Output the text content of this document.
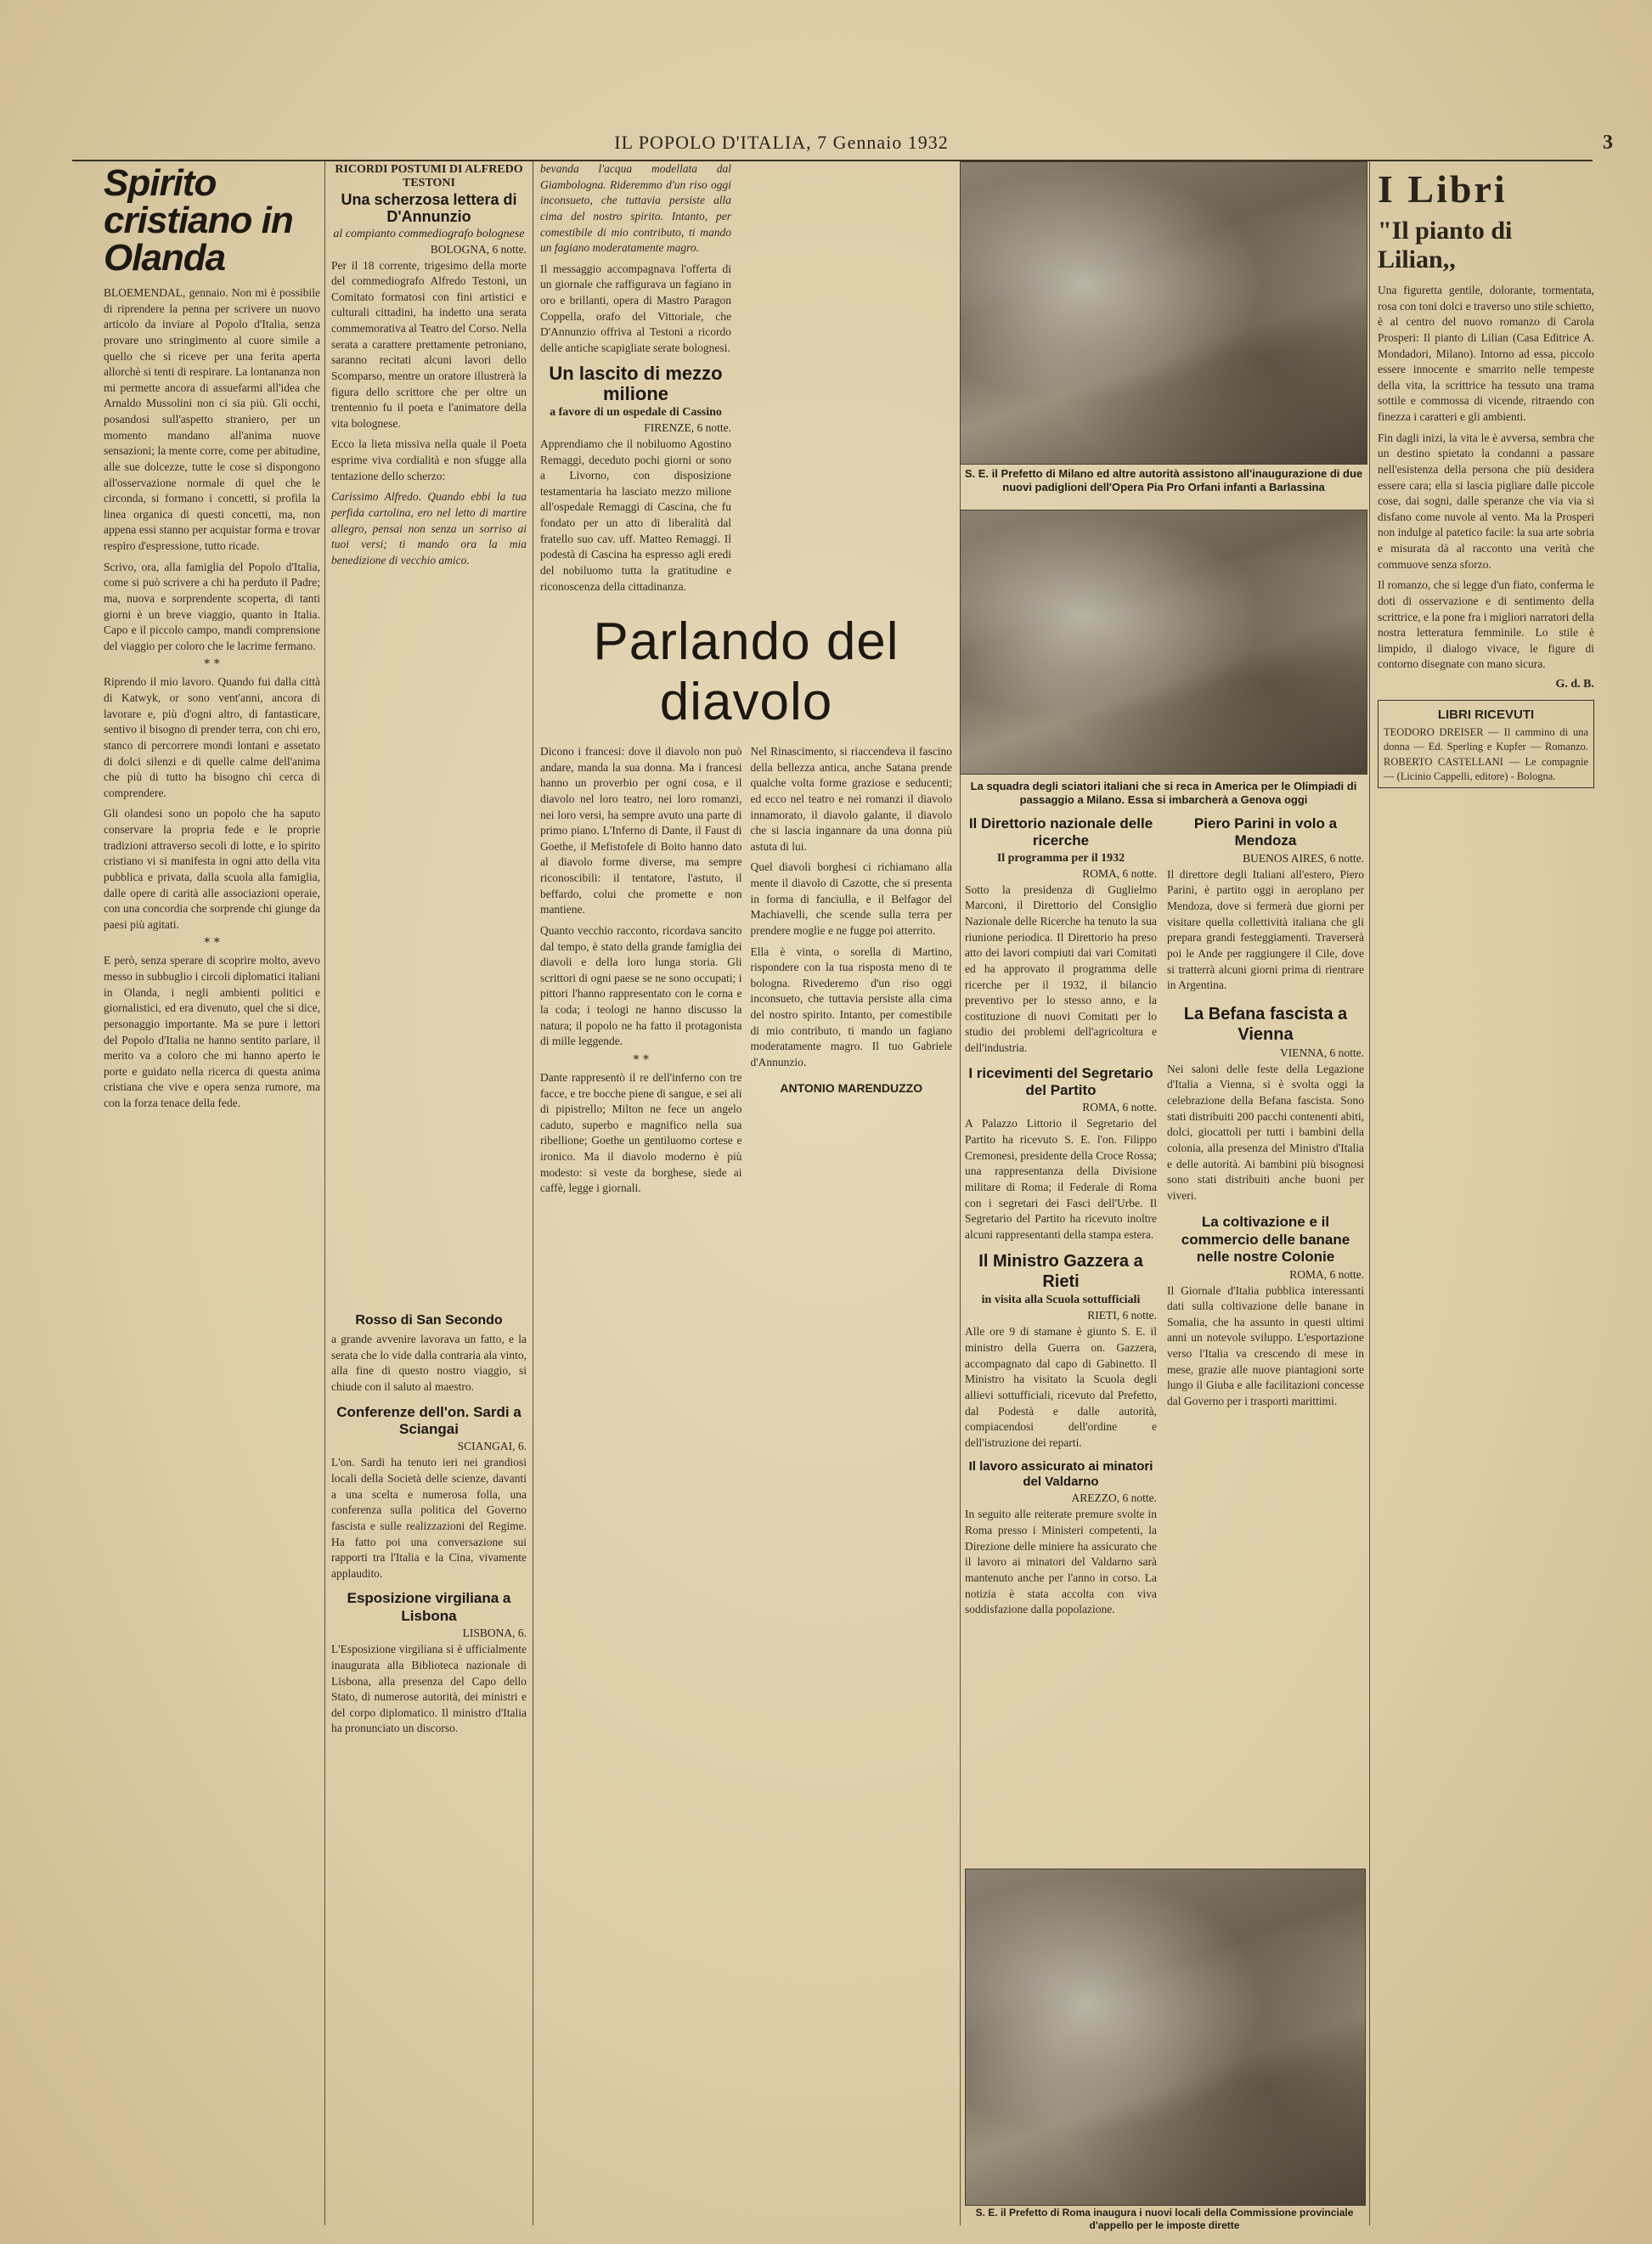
IL POPOLO D'ITALIA, 7 Gennaio 1932	3
Spirito cristiano in Olanda

BLOEMENDAL, gennaio. Non mi è possibile di riprendere la penna per scrivere un nuovo articolo da inviare al Popolo d'Italia, senza provare uno stringimento al cuore simile a quello che si riceve per una ferita aperta allorchè si tenti di respirare. La lontananza non mi permette ancora di assuefarmi all'idea che Arnaldo Mussolini non ci sia più. Gli occhi, posandosi sull'aspetto straniero, per un momento mandano all'anima nuove sensazioni; la mente corre, come per abitudine, alle sue dolcezze, tutte le cose si dispongono all'osservazione normale di quel che le circonda, si formano i concetti, si profila la linea organica di questi concetti, ma, non appena essi stanno per acquistar forma e trovar respiro d'espressione, tutto ricade.

Scrivo, ora, alla famiglia del Popolo d'Italia, come si può scrivere a chi ha perduto il Padre; ma, nuova e sorprendente scoperta, di tanti giorni è un breve viaggio, quanto in Italia. Capo e il piccolo campo, mandi comprensione del viaggio per coloro che le lacrime fermano.

* *

Riprendo il mio lavoro. Quando fui dalla città di Katwyk, or sono vent'anni, ancora di lavorare e, più d'ogni altro, di fantasticare, sentivo il bisogno di prender terra, con chi ero, stanco di percorrere mondi lontani e assetato di dolci silenzi e di quelle calme dell'anima che più di tutto ha bisogno chi cerca di comprendere.

Gli olandesi sono un popolo che ha saputo conservare la propria fede e le proprie tradizioni attraverso secoli di lotte, e lo spirito cristiano vi si manifesta in ogni atto della vita pubblica e privata, dalla scuola alla famiglia, dalle opere di carità alle associazioni operaie, con una concordia che sorprende chi giunge da paesi più agitati.

* *

E però, senza sperare di scoprire molto, avevo messo in subbuglio i circoli diplomatici italiani in Olanda, i negli ambienti politici e giornalistici, ed era divenuto, quel che si dice, personaggio importante. Ma se pure i lettori del Popolo d'Italia ne hanno sentito parlare, il merito va a coloro che mi hanno aperto le porte e guidato nella ricerca di questa anima cristiana che vive e opera senza rumore, ma con la forza tenace della fede.

RICORDI POSTUMI DI ALFREDO TESTONI
Una scherzosa lettera di D'Annunzio
al compianto commediografo bolognese
BOLOGNA, 6 notte.

Per il 18 corrente, trigesimo della morte del commediografo Alfredo Testoni, un Comitato formatosi con fini artistici e culturali cittadini, ha indetto una serata commemorativa al Teatro del Corso. Nella serata a carattere prettamente petroniano, saranno recitati alcuni lavori dello Scomparso, mentre un oratore illustrerà la figura dello scrittore che per oltre un trentennio fu il poeta e l'animatore della vita bolognese.

Ecco la lieta missiva nella quale il Poeta esprime viva cordialità e non sfugge alla tentazione dello scherzo:

Carissimo Alfredo. Quando ebbi la tua perfida cartolina, ero nel letto di martire allegro, pensai non senza un sorriso ai tuoi versi; ti mando ora la mia benedizione di vecchio amico.

bevanda l'acqua modellata dal Giambologna. Rideremmo d'un riso oggi inconsueto, che tuttavia persiste alla cima del nostro spirito. Intanto, per comestibile di mio contributo, ti mando un fagiano moderatamente magro.

Il messaggio accompagnava l'offerta di un giornale che raffigurava un fagiano in oro e brillanti, opera di Mastro Paragon Coppella, orafo del Vittoriale, che D'Annunzio offriva al Testoni a ricordo delle antiche scapigliate serate bolognesi.

Un lascito di mezzo milione
a favore di un ospedale di Cassino
FIRENZE, 6 notte.

Apprendiamo che il nobiluomo Agostino Remaggi, deceduto pochi giorni or sono a Livorno, con disposizione testamentaria ha lasciato mezzo milione all'ospedale Remaggi di Cascina, che fu fondato per un atto di liberalità dal fratello suo cav. uff. Matteo Remaggi. Il podestà di Cascina ha espresso agli eredi del nobiluomo tutta la gratitudine e riconoscenza della cittadinanza.

S. E. il Prefetto di Milano ed altre autorità assistono all'inaugurazione di due nuovi padiglioni dell'Opera Pia Pro Orfani infanti a Barlassina
La squadra degli sciatori italiani che si reca in America per le Olimpiadi di passaggio a Milano. Essa si imbarcherà a Genova oggi
Parlando del diavolo

Dicono i francesi: dove il diavolo non può andare, manda la sua donna. Ma i francesi hanno un proverbio per ogni cosa, e il diavolo nel loro teatro, nei loro romanzi, nei loro versi, ha sempre avuto una parte di primo piano. L'Inferno di Dante, il Faust di Goethe, il Mefistofele di Boito hanno dato al diavolo forme diverse, ma sempre riconoscibili: il tentatore, l'astuto, il beffardo, colui che promette e non mantiene.

Quanto vecchio racconto, ricordava sancito dal tempo, è stato della grande famiglia dei diavoli e della loro lunga storia. Gli scrittori di ogni paese se ne sono occupati; i pittori l'hanno rappresentato con le corna e la coda; i teologi ne hanno discusso la natura; il popolo ne ha fatto il protagonista di mille leggende.

* *

Dante rappresentò il re dell'inferno con tre facce, e tre bocche piene di sangue, e sei ali di pipistrello; Milton ne fece un angelo caduto, superbo e magnifico nella sua ribellione; Goethe un gentiluomo cortese e ironico. Ma il diavolo moderno è più modesto: si veste da borghese, siede ai caffè, legge i giornali.

Nel Rinascimento, si riaccendeva il fascino della bellezza antica, anche Satana prende qualche volta forme graziose e seducenti; ed ecco nel teatro e nei romanzi il diavolo innamorato, il diavolo galante, il diavolo che si lascia ingannare da una donna più astuta di lui.

Quel diavoli borghesi ci richiamano alla mente il diavolo di Cazotte, che si presenta in forma di fanciulla, e il Belfagor del Machiavelli, che scende sulla terra per prendere moglie e ne fugge poi atterrito.

Ella è vinta, o sorella di Martino, rispondere con la tua risposta meno di te bologna. Rivederemo d'un riso oggi inconsueto, che tuttavia persiste alla cima del nostro spirito. Intanto, per comestibile di mio contributo, ti mando un fagiano moderatamente magro. Il tuo Gabriele d'Annunzio.

ANTONIO MARENDUZZO
Rosso di San Secondo

a grande avvenire lavorava un fatto, e la serata che lo vide dalla contraria ala vinto, alla fine di questo nostro viaggio, si chiude con il saluto al maestro.

Conferenze dell'on. Sardi a Sciangai
SCIANGAI, 6.

L'on. Sardi ha tenuto ieri nei grandiosi locali della Società delle scienze, davanti a una scelta e numerosa folla, una conferenza sulla politica del Governo fascista e sulle realizzazioni del Regime. Ha fatto poi una conversazione sui rapporti tra l'Italia e la Cina, vivamente applaudito.

Esposizione virgiliana a Lisbona
LISBONA, 6.

L'Esposizione virgiliana si è ufficialmente inaugurata alla Biblioteca nazionale di Lisbona, alla presenza del Capo dello Stato, di numerose autorità, dei ministri e del corpo diplomatico. Il ministro d'Italia ha pronunciato un discorso.

Il Direttorio nazionale delle ricerche
Il programma per il 1932
ROMA, 6 notte.

Sotto la presidenza di Guglielmo Marconi, il Direttorio del Consiglio Nazionale delle Ricerche ha tenuto la sua riunione periodica. Il Direttorio ha preso atto dei lavori compiuti dai vari Comitati ed ha approvato il programma delle ricerche per il 1932, il bilancio preventivo per lo stesso anno, e la costituzione di nuovi Comitati per lo studio dei problemi dell'agricoltura e dell'industria.

I ricevimenti del Segretario del Partito
ROMA, 6 notte.

A Palazzo Littorio il Segretario del Partito ha ricevuto S. E. l'on. Filippo Cremonesi, presidente della Croce Rossa; una rappresentanza della Divisione militare di Roma; il Federale di Roma con i segretari dei Fasci dell'Urbe. Il Segretario del Partito ha ricevuto inoltre alcuni rappresentanti della stampa estera.

Il Ministro Gazzera a Rieti
in visita alla Scuola sottufficiali
RIETI, 6 notte.

Alle ore 9 di stamane è giunto S. E. il ministro della Guerra on. Gazzera, accompagnato dal capo di Gabinetto. Il Ministro ha visitato la Scuola degli allievi sottufficiali, ricevuto dal Prefetto, dal Podestà e dalle autorità, compiacendosi dell'ordine e dell'istruzione dei reparti.

Il lavoro assicurato ai minatori del Valdarno
AREZZO, 6 notte.

In seguito alle reiterate premure svolte in Roma presso i Ministeri competenti, la Direzione delle miniere ha assicurato che il lavoro ai minatori del Valdarno sarà mantenuto anche per l'anno in corso. La notizia è stata accolta con viva soddisfazione dalla popolazione.

Piero Parini in volo a Mendoza
BUENOS AIRES, 6 notte.

Il direttore degli Italiani all'estero, Piero Parini, è partito oggi in aeroplano per Mendoza, dove si fermerà due giorni per visitare quella collettività italiana che gli prepara grandi festeggiamenti. Traverserà poi le Ande per raggiungere il Cile, dove si tratterrà alcuni giorni prima di rientrare in Argentina.

La Befana fascista a Vienna
VIENNA, 6 notte.

Nei saloni delle feste della Legazione d'Italia a Vienna, si è svolta oggi la celebrazione della Befana fascista. Sono stati distribuiti 200 pacchi contenenti abiti, dolci, giocattoli per tutti i bambini della colonia, alla presenza del Ministro d'Italia e delle autorità. Ai bambini più bisognosi sono stati distribuiti anche buoni per viveri.

La coltivazione e il commercio delle banane nelle nostre Colonie
ROMA, 6 notte.

Il Giornale d'Italia pubblica interessanti dati sulla coltivazione delle banane in Somalia, che ha assunto in questi ultimi anni un notevole sviluppo. L'esportazione verso l'Italia va crescendo di mese in mese, grazie alle nuove piantagioni sorte lungo il Giuba e alle facilitazioni concesse dal Governo per i trasporti marittimi.

S. E. il Prefetto di Roma inaugura i nuovi locali della Commissione provinciale d'appello per le imposte dirette
I Libri
"Il pianto di Lilian,,

Una figuretta gentile, dolorante, tormentata, rosa con toni dolci e traverso uno stile schietto, è al centro del nuovo romanzo di Carola Prosperi: Il pianto di Lilian (Casa Editrice A. Mondadori, Milano). Intorno ad essa, piccolo essere innocente e smarrito nelle tempeste della vita, la scrittrice ha tessuto una trama sottile e commossa di vicende, ritraendo con finezza i caratteri e gli ambienti.

Fin dagli inizi, la vita le è avversa, sembra che un destino spietato la condanni a passare nell'esistenza della persona che più desidera essere cara; ella si lascia pigliare dalle piccole cose, dai sogni, dalle speranze che via via si disfano come nuvole al vento. Ma la Prosperi non indulge al patetico facile: la sua arte sobria e misurata dà al racconto una verità che commuove senza sforzo.

Il romanzo, che si legge d'un fiato, conferma le doti di osservazione e di sentimento della scrittrice, e la pone fra i migliori narratori della nostra letteratura femminile. Lo stile è limpido, il dialogo vivace, le figure di contorno disegnate con mano sicura.

G. d. B.
LIBRI RICEVUTI

TEODORO DREISER — Il cammino di una donna — Ed. Sperling e Kupfer — Romanzo. ROBERTO CASTELLANI — Le compagnie — (Licinio Cappelli, editore) - Bologna.
